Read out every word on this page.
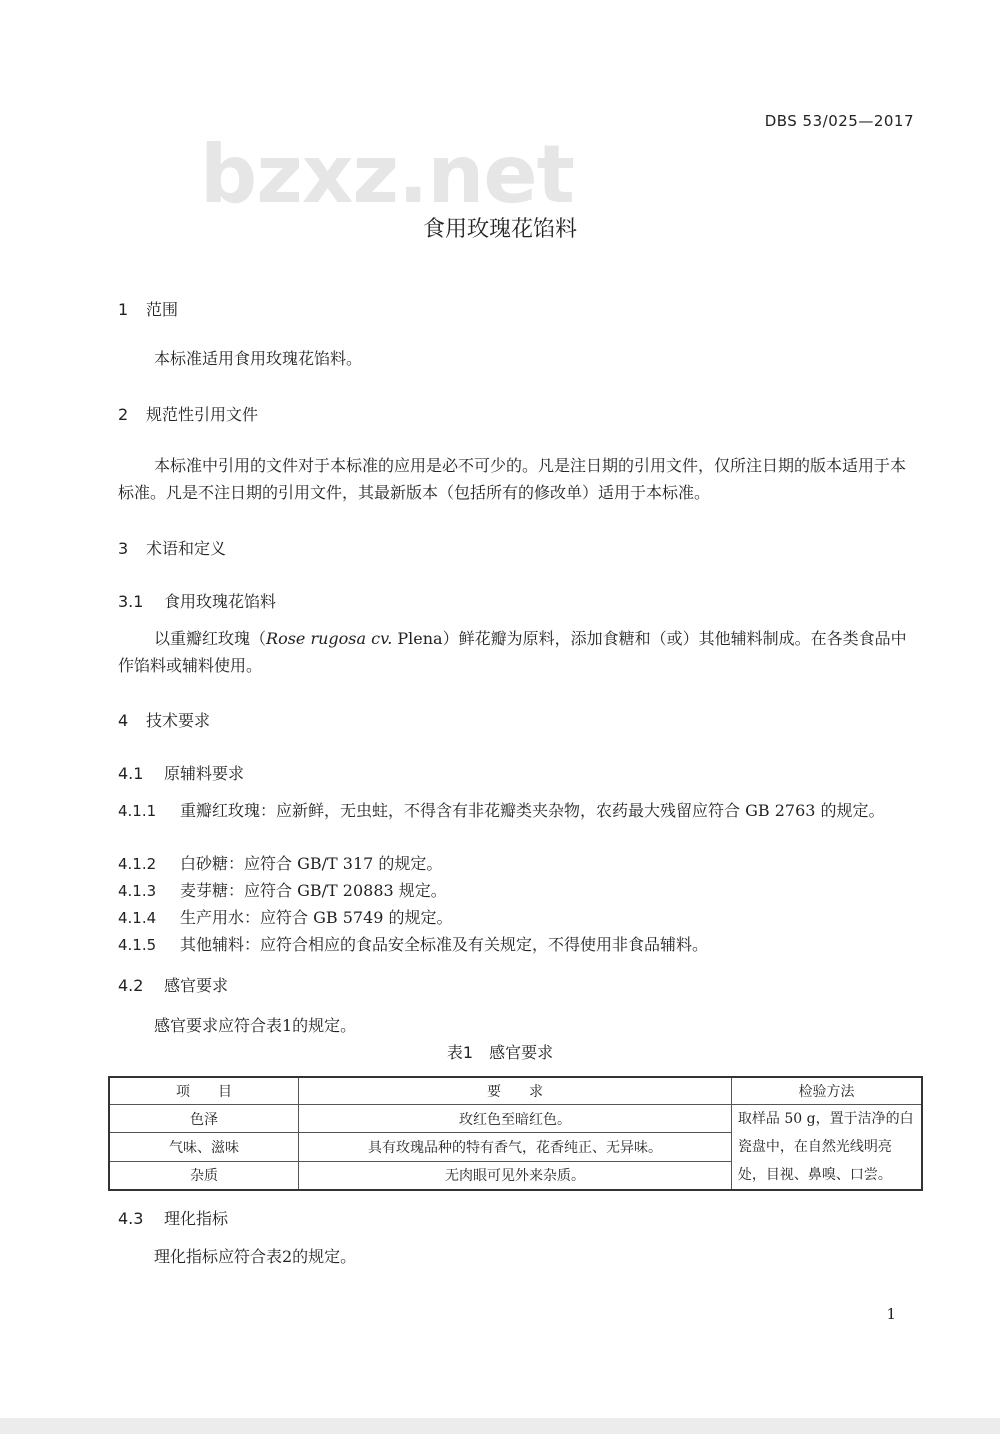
bzxz.net
DBS 53/025—2017
食用玫瑰花馅料
1 范围
本标准适用食用玫瑰花馅料。
2 规范性引用文件
本标准中引用的文件对于本标准的应用是必不可少的。凡是注日期的引用文件，仅所注日期的版本适用于本标准。凡是不注日期的引用文件，其最新版本（包括所有的修改单）适用于本标准。
3 术语和定义
3.1 食用玫瑰花馅料
以重瓣红玫瑰（Rose rugosa cv. Plena）鲜花瓣为原料，添加食糖和（或）其他辅料制成。在各类食品中作馅料或辅料使用。
4 技术要求
4.1 原辅料要求
4.1.1 重瓣红玫瑰：应新鲜，无虫蛀，不得含有非花瓣类夹杂物，农药最大残留应符合 GB 2763 的规定。
4.1.2 白砂糖：应符合 GB/T 317 的规定。
4.1.3 麦芽糖：应符合 GB/T 20883 规定。
4.1.4 生产用水：应符合 GB 5749 的规定。
4.1.5 其他辅料：应符合相应的食品安全标准及有关规定，不得使用非食品辅料。
4.2 感官要求
感官要求应符合表1的规定。
表1　感官要求
项　　目	要　　求	检验方法
色泽	玫红色至暗红色。	取样品 50 g，置于洁净的白瓷盘中，在自然光线明亮处，目视、鼻嗅、口尝。
气味、滋味	具有玫瑰品种的特有香气，花香纯正、无异味。	
杂质	无肉眼可见外来杂质。	
4.3 理化指标
理化指标应符合表2的规定。
1
